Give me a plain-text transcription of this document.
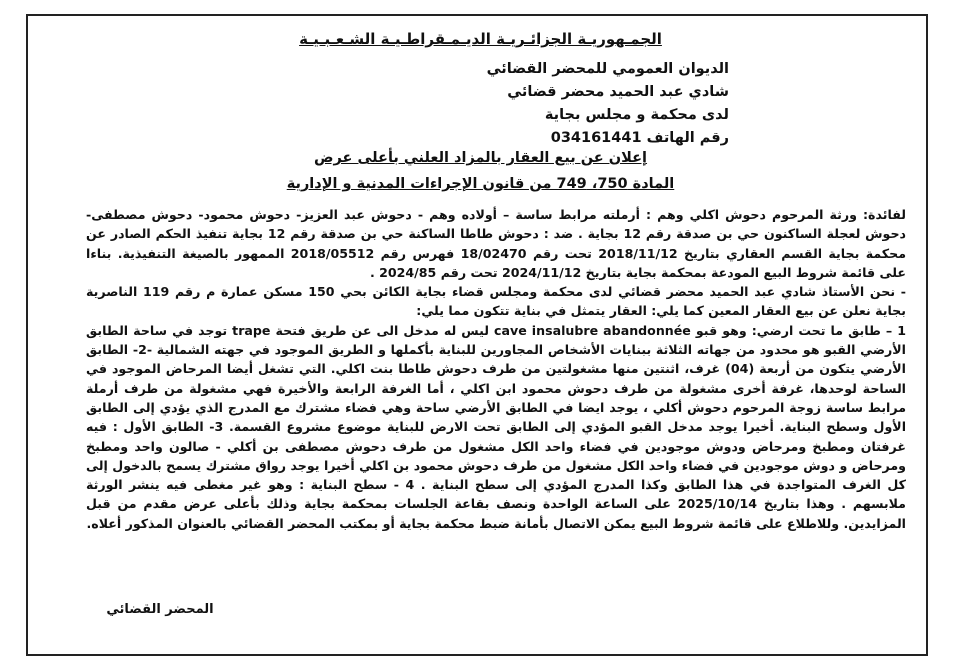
الجمـهوريـة الجزائـريـة الديـمـقراطـيـة الشـعـبـيـة
الديوان العمومي للمحضر القضائي
شادي عبد الحميد محضر قضائي
لدى محكمة و مجلس بجاية
رقم الهاتف 034161441
إعلان عن بيع العقار بالمزاد العلني بأعلى عرض
المادة 750، 749 من قانون الإجراءات المدنية و الإدارية

لفائدة: ورثة المرحوم دحوش اكلي وهم : أرملته مرابط ساسة – أولاده وهم - دحوش عبد العزيز- دحوش محمود- دحوش مصطفى- دحوش لعجلة الساكنون حي بن صدقة رقم 12 بجاية . ضد : دحوش طاطا الساكنة حي بن صدقة رقم 12 بجاية تنفيذ الحكم الصادر عن محكمة بجاية القسم العقاري بتاريخ 2018/11/12 تحت رقم 18/02470 فهرس رقم 2018/05512 الممهور بالصيغة التنفيذية. بناءا على قائمة شروط البيع المودعة بمحكمة بجاية بتاريخ 2024/11/12 تحت رقم 2024/85 .

- نحن الأستاذ شادي عبد الحميد محضر قضائي لدى محكمة ومجلس قضاء بجاية الكائن بحي 150 مسكن عمارة م رقم 119 الناصرية بجاية نعلن عن بيع العقار المعين كما يلي: العقار يتمثل في بناية تتكون مما يلي:

1 – طابق ما تحت ارضي: وهو قبو cave insalubre abandonnée ليس له مدخل الى عن طريق فتحة trape توجد في ساحة الطابق الأرضي القبو هو محدود من جهاته الثلاثة ببنايات الأشخاص المجاورين للبناية بأكملها و الطريق الموجود في جهته الشمالية -2- الطابق الأرضي يتكون من أربعة (04) غرف، اثنتين منها مشغولتين من طرف دحوش طاطا بنت اكلي. التي تشغل أيضا المرحاض الموجود في الساحة لوحدها، غرفة أخرى مشغولة من طرف دحوش محمود ابن اكلي ، أما الغرفة الرابعة والأخيرة فهي مشغولة من طرف أرملة مرابط ساسة زوجة المرحوم دحوش أكلي ، يوجد ايضا في الطابق الأرضي ساحة وهي فضاء مشترك مع المدرج الذي يؤدي إلى الطابق الأول وسطح البناية. أخيرا يوجد مدخل القبو المؤدي إلى الطابق تحت الارض للبناية موضوع مشروع القسمة. 3- الطابق الأول : فيه غرفتان ومطبخ ومرحاض ودوش موجودين في فضاء واحد الكل مشغول من طرف دحوش مصطفى بن أكلي - صالون واحد ومطبخ ومرحاض و دوش موجودين في فضاء واحد الكل مشغول من طرف دحوش محمود بن اكلي أخيرا يوجد رواق مشترك يسمح بالدخول إلى كل الغرف المتواجدة في هذا الطابق وكذا المدرج المؤدي إلى سطح البناية . 4 - سطح البناية : وهو غير مغطى فيه ينشر الورثة ملابسهم . وهذا بتاريخ 2025/10/14 على الساعة الواحدة ونصف بقاعة الجلسات بمحكمة بجاية وذلك بأعلى عرض مقدم من قبل المزايدين. وللاطلاع على قائمة شروط البيع يمكن الاتصال بأمانة ضبط محكمة بجاية أو بمكتب المحضر القضائي بالعنوان المذكور أعلاه.

المحضر القضائي
